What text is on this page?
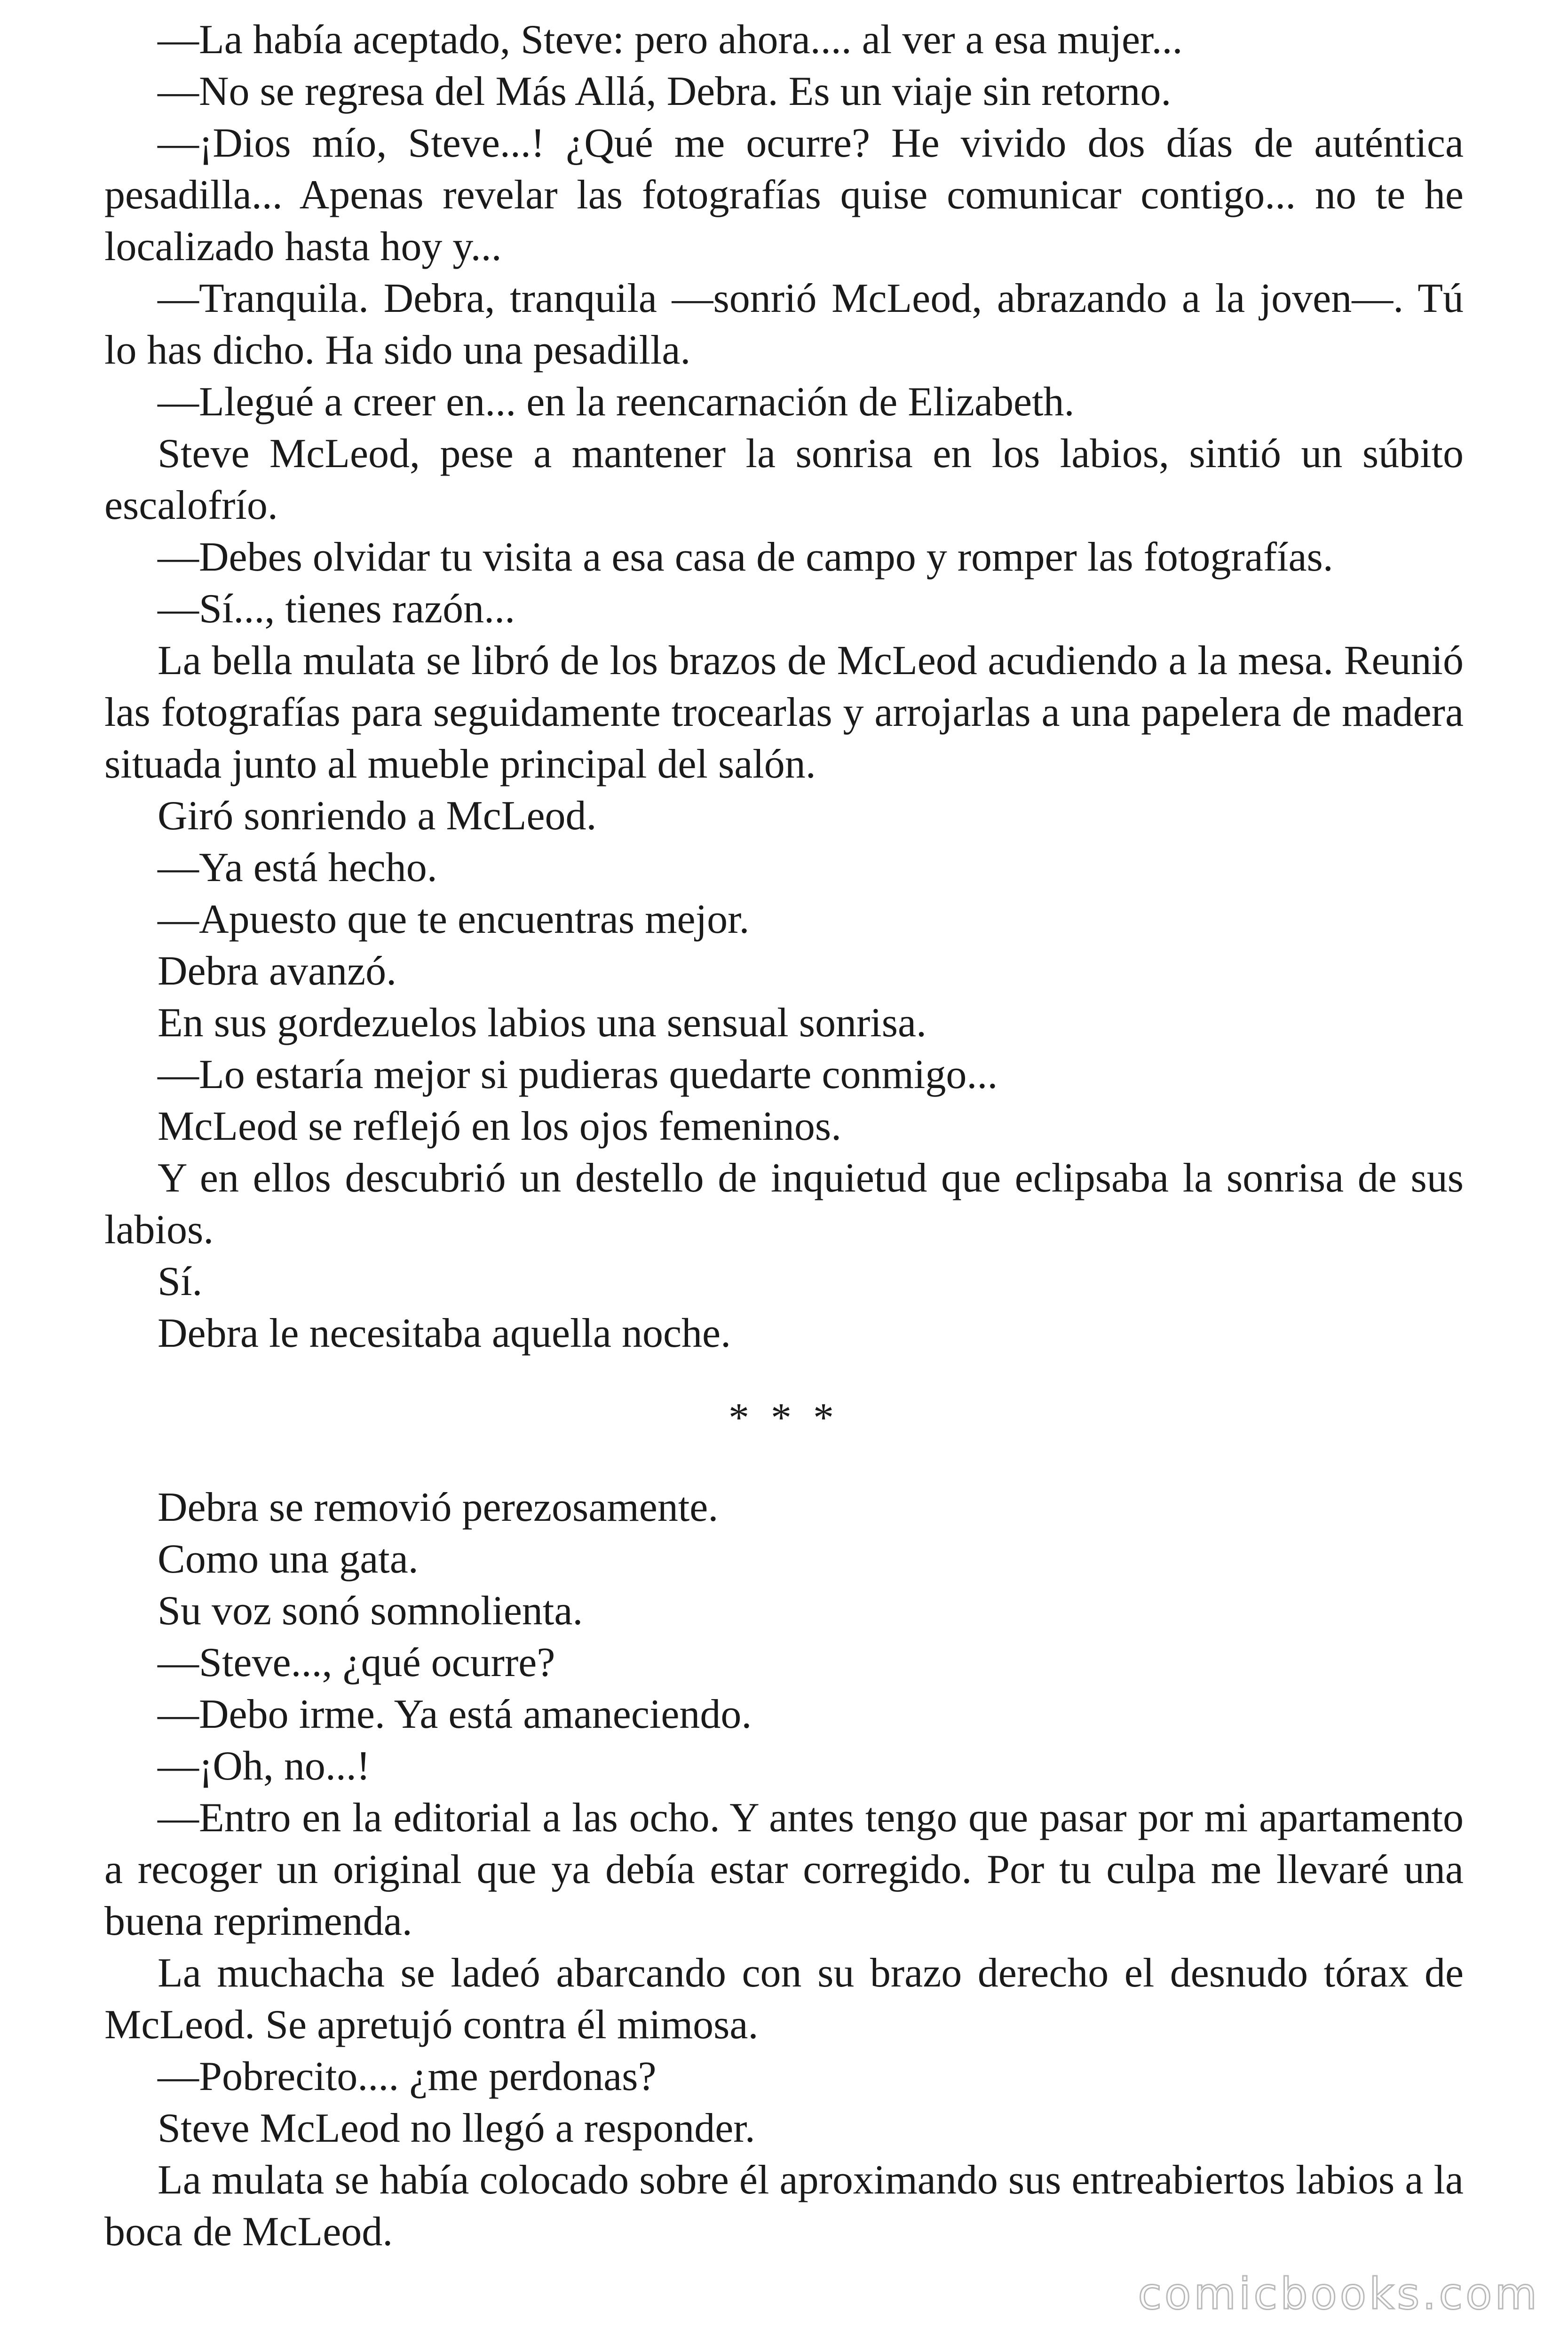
—La había aceptado, Steve: pero ahora.... al ver a esa mujer...

—No se regresa del Más Allá, Debra. Es un viaje sin retorno.

—¡Dios mío, Steve...! ¿Qué me ocurre? He vivido dos días de auténtica pesadilla... Apenas revelar las fotografías quise comunicar contigo... no te he localizado hasta hoy y...

—Tranquila. Debra, tranquila —sonrió McLeod, abrazando a la joven—. Tú lo has dicho. Ha sido una pesadilla.

—Llegué a creer en... en la reencarnación de Elizabeth.

Steve McLeod, pese a mantener la sonrisa en los labios, sintió un súbito escalofrío.

—Debes olvidar tu visita a esa casa de campo y romper las fotografías.

—Sí..., tienes razón...

La bella mulata se libró de los brazos de McLeod acudiendo a la mesa. Reunió las fotografías para seguidamente trocearlas y arrojarlas a una papelera de madera situada junto al mueble principal del salón.

Giró sonriendo a McLeod.

—Ya está hecho.

—Apuesto que te encuentras mejor.

Debra avanzó.

En sus gordezuelos labios una sensual sonrisa.

—Lo estaría mejor si pudieras quedarte conmigo...

McLeod se reflejó en los ojos femeninos.

Y en ellos descubrió un destello de inquietud que eclipsaba la sonrisa de sus labios.

Sí.

Debra le necesitaba aquella noche.

* * *

Debra se removió perezosamente.

Como una gata.

Su voz sonó somnolienta.

—Steve..., ¿qué ocurre?

—Debo irme. Ya está amaneciendo.

—¡Oh, no...!

—Entro en la editorial a las ocho. Y antes tengo que pasar por mi apartamento a recoger un original que ya debía estar corregido. Por tu culpa me llevaré una buena reprimenda.

La muchacha se ladeó abarcando con su brazo derecho el desnudo tórax de McLeod. Se apretujó contra él mimosa.

—Pobrecito.... ¿me perdonas?

Steve McLeod no llegó a responder.

La mulata se había colocado sobre él aproximando sus entreabiertos labios a la boca de McLeod.

comicbooks.com
